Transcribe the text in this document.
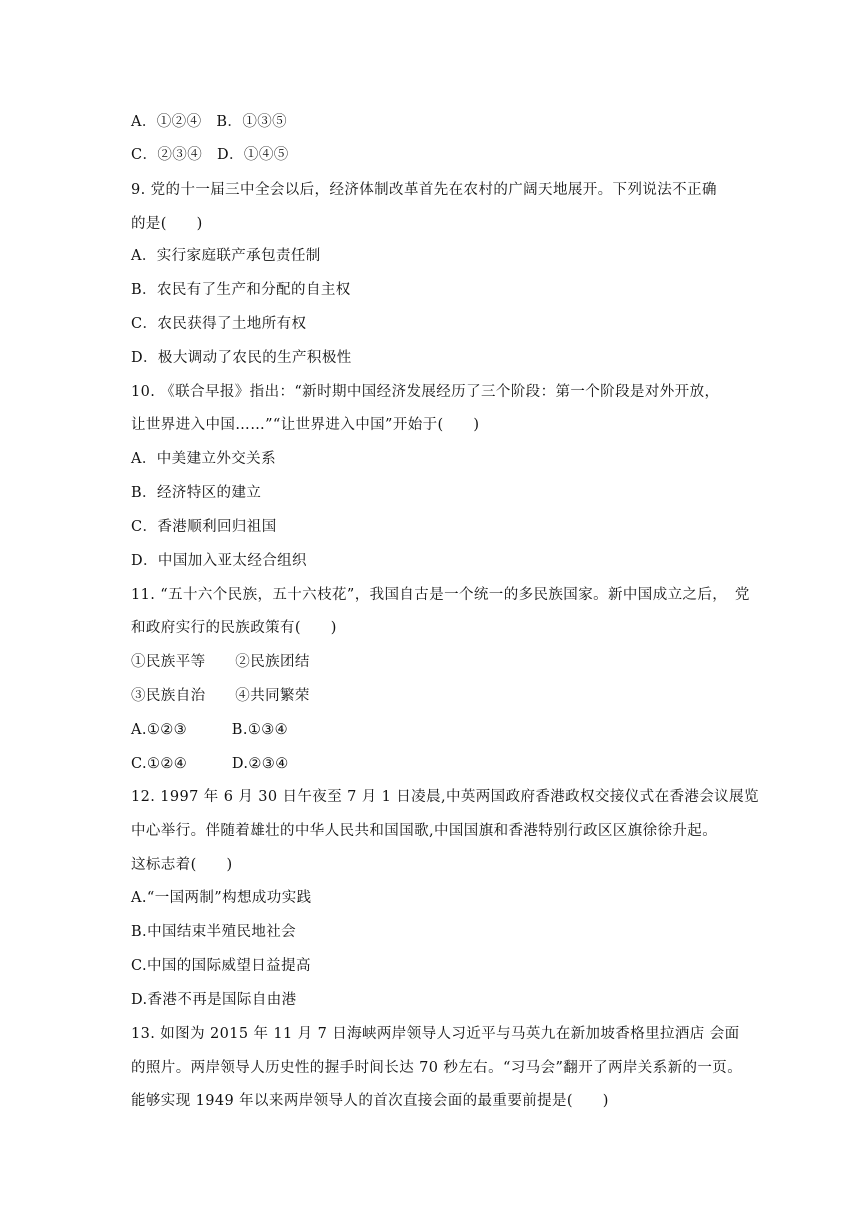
A．①②④　B．①③⑤
C．②③④　D．①④⑤
9. 党的十一届三中全会以后，经济体制改革首先在农村的广阔天地展开。下列说法不正确
的是(　　)
A．实行家庭联产承包责任制
B．农民有了生产和分配的自主权
C．农民获得了土地所有权
D．极大调动了农民的生产积极性
10. 《联合早报》指出：“新时期中国经济发展经历了三个阶段：第一个阶段是对外开放，
让世界进入中国……”“让世界进入中国”开始于(　　)
A．中美建立外交关系
B．经济特区的建立
C．香港顺利回归祖国
D．中国加入亚太经合组织
11. “五十六个民族，五十六枝花”，我国自古是一个统一的多民族国家。新中国成立之后，　党
和政府实行的民族政策有(　　)
①民族平等　　②民族团结
③民族自治　　④共同繁荣
A.①②③　　　B.①③④
C.①②④　　　D.②③④
12. 1997 年 6 月 30 日午夜至 7 月 1 日凌晨,中英两国政府香港政权交接仪式在香港会议展览
中心举行。伴随着雄壮的中华人民共和国国歌,中国国旗和香港特别行政区区旗徐徐升起。
这标志着(　　)
A.“一国两制”构想成功实践
B.中国结束半殖民地社会
C.中国的国际威望日益提高
D.香港不再是国际自由港
13. 如图为 2015 年 11 月 7 日海峡两岸领导人习近平与马英九在新加坡香格里拉酒店 会面
的照片。两岸领导人历史性的握手时间长达 70 秒左右。“习马会”翻开了两岸关系新的一页。
能够实现 1949 年以来两岸领导人的首次直接会面的最重要前提是(　　)
